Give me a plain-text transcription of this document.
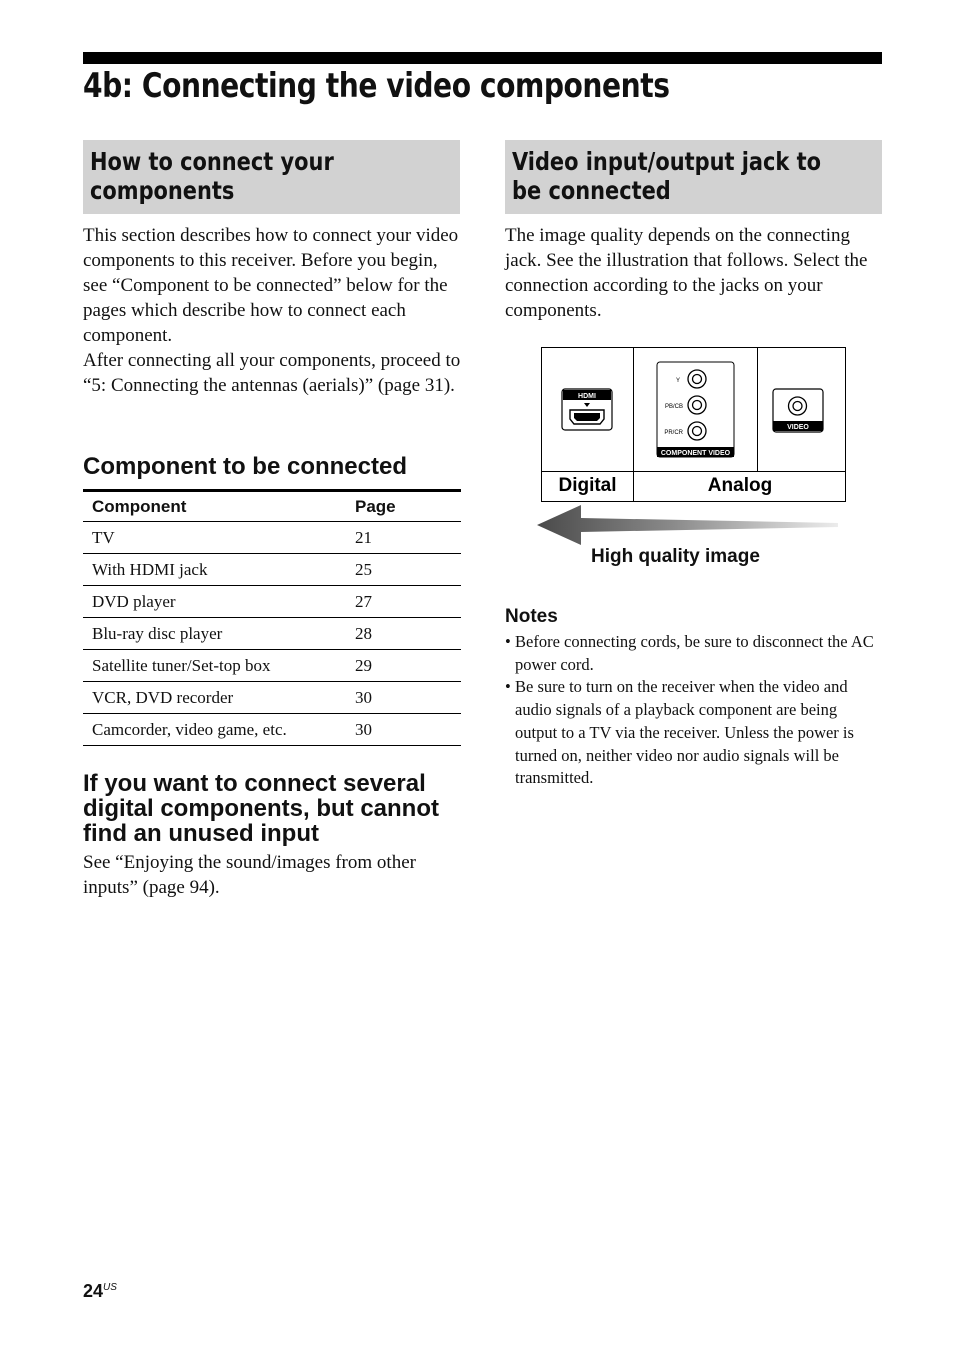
4b: Connecting the video components
How to connect your components

This section describes how to connect your video components to this receiver. Before you begin, see “Component to be connected” below for the pages which describe how to connect each component.

After connecting all your components, proceed to “5: Connecting the antennas (aerials)” (page 31).

Component to be connected
Component	Page
TV	21
With HDMI jack	25
DVD player	27
Blu-ray disc player	28
Satellite tuner/Set-top box	29
VCR, DVD recorder	30
Camcorder, video game, etc.	30
If you want to connect several digital components, but cannot find an unused input
See “Enjoying the sound/images from other inputs” (page 94).
Video input/output jack to be connected
The image quality depends on the connecting jack. See the illustration that follows. Select the connection according to the jacks on your components.
HDMI
Y
PB/CB
PR/CR
COMPONENT VIDEO
VIDEO
Digital	Analog
High quality image
Notes
• Before connecting cords, be sure to disconnect the AC power cord.
• Be sure to turn on the receiver when the video and audio signals of a playback component are being output to a TV via the receiver. Unless the power is turned on, neither video nor audio signals will be transmitted.
$24^{US}$
